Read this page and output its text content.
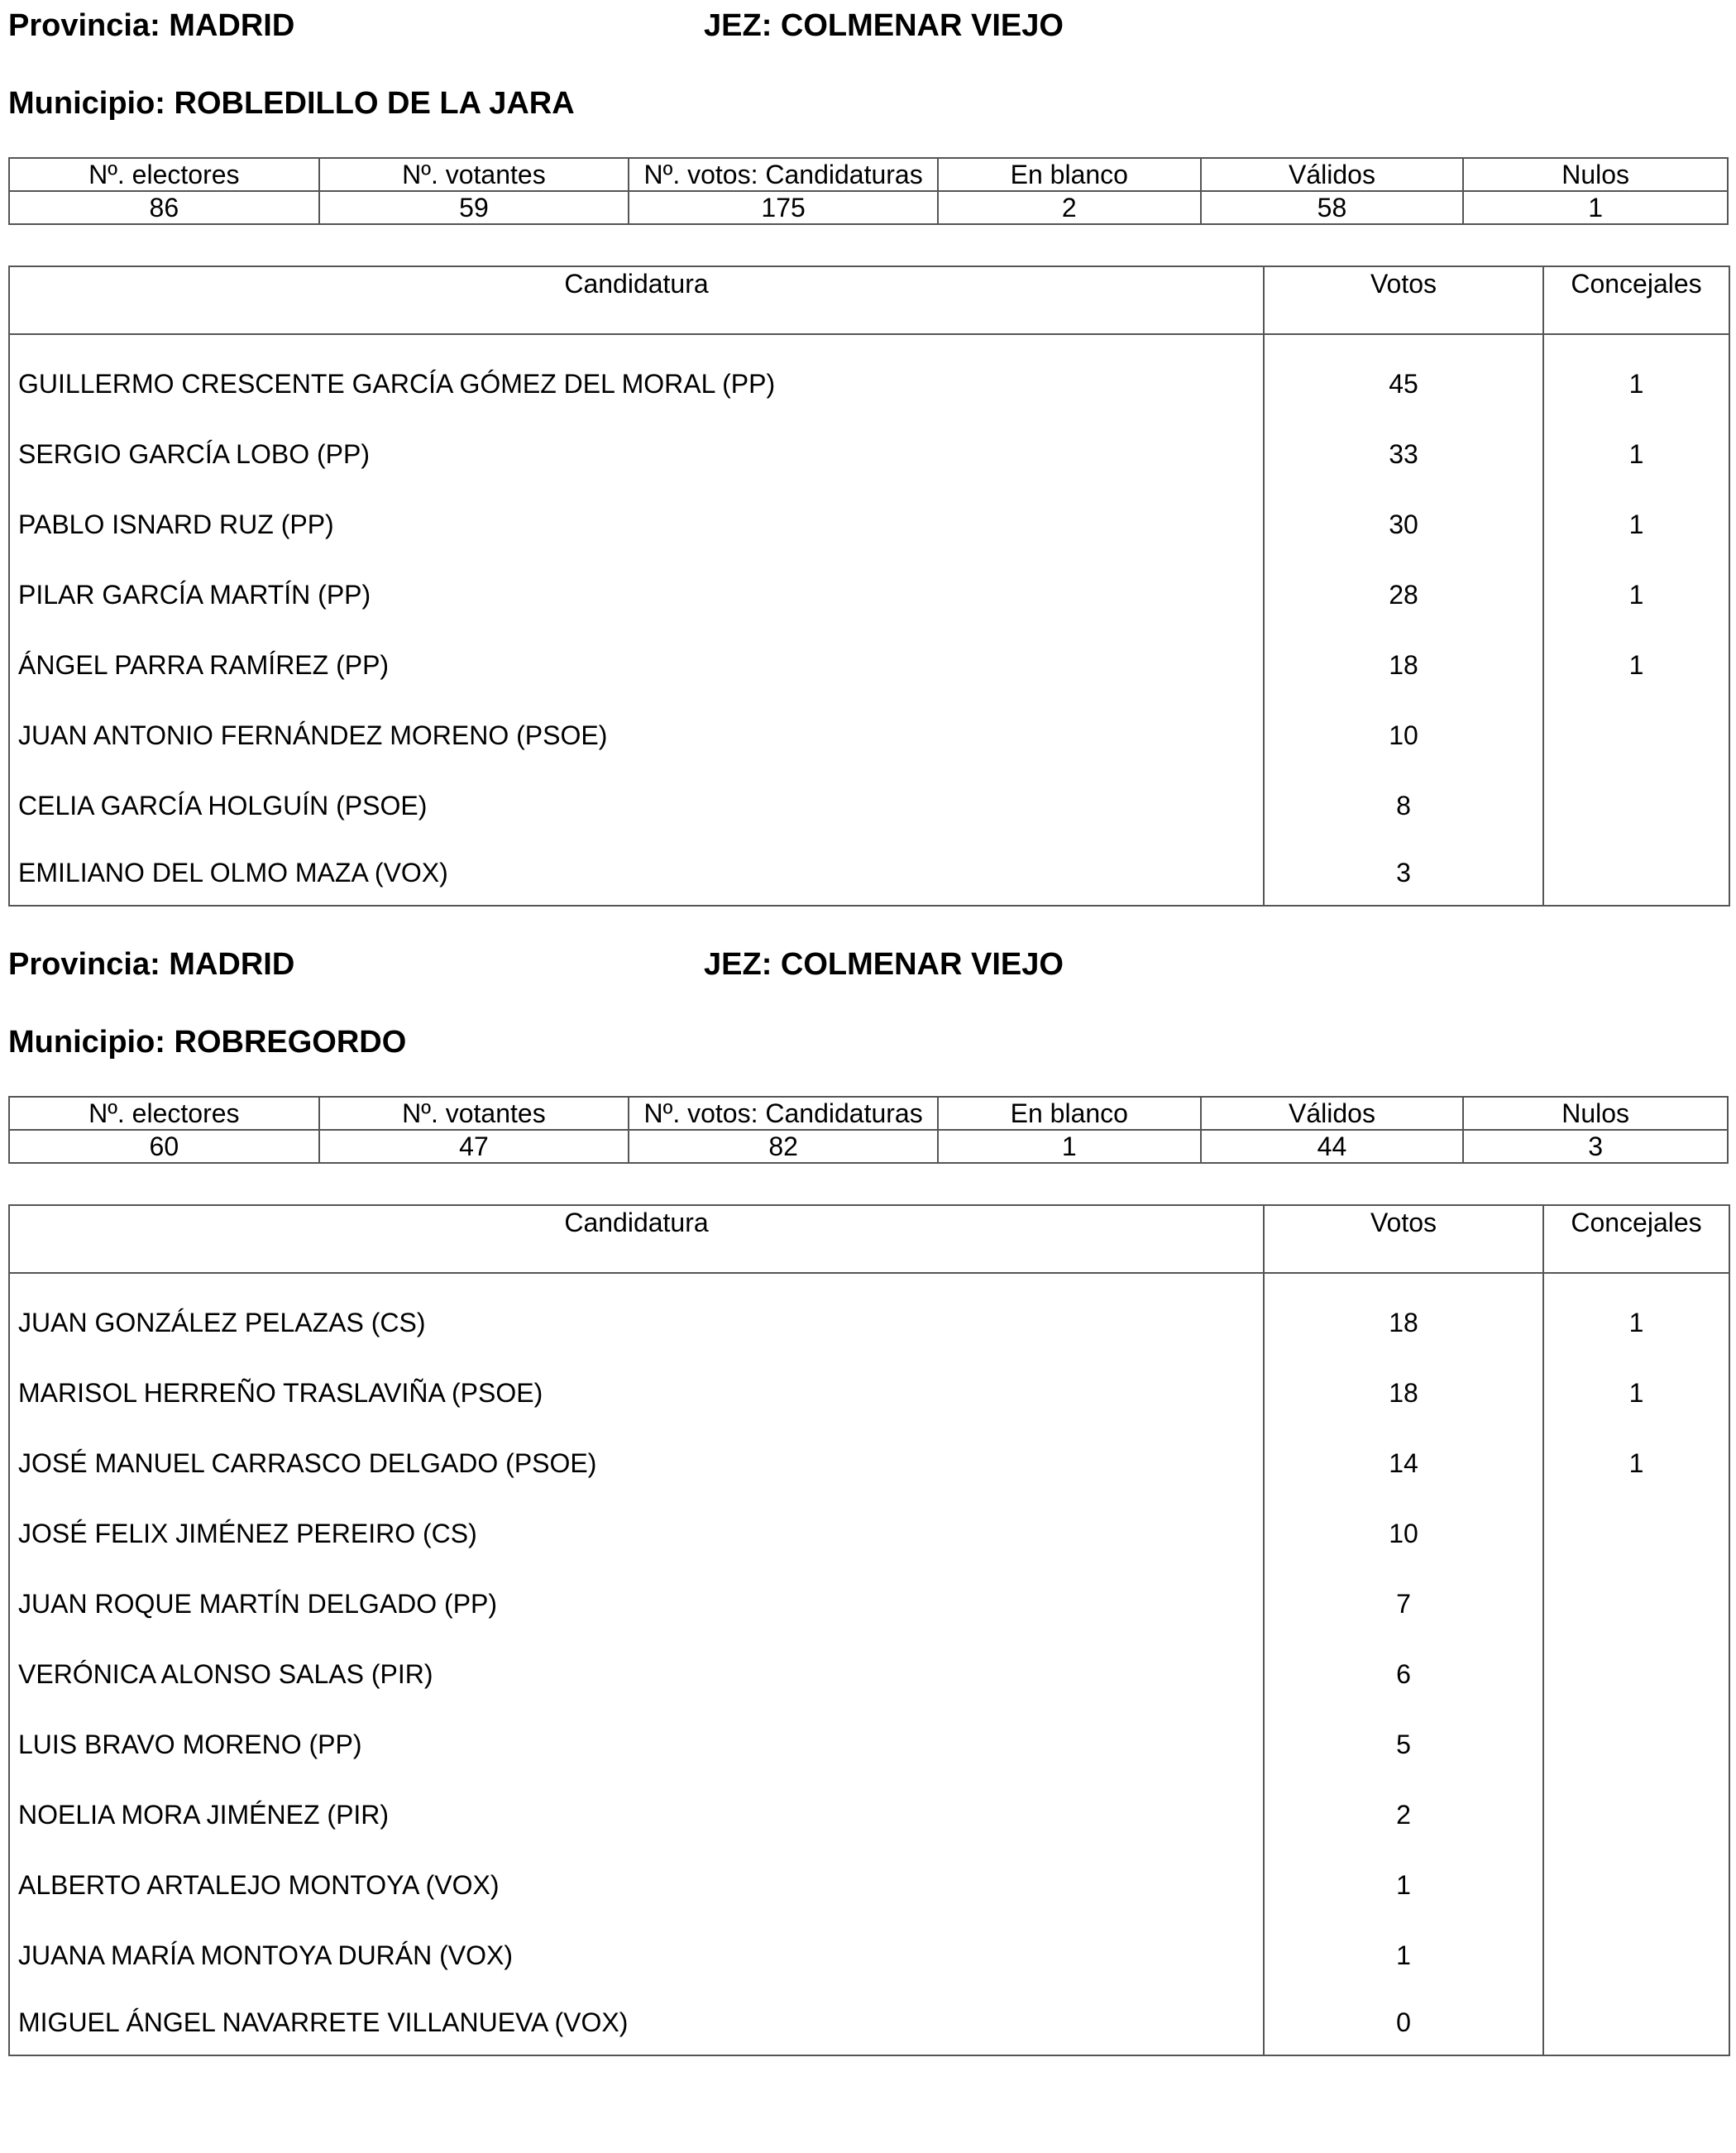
Provincia: MADRID	JEZ: COLMENAR VIEJO
Municipio: ROBLEDILLO DE LA JARA
Nº. electores	Nº. votantes	Nº. votos: Candidaturas	En blanco	Válidos	Nulos
86	59	175	2	58	1
Candidatura	Votos	Concejales
GUILLERMO CRESCENTE GARCÍA GÓMEZ DEL MORAL (PP)	45	1
SERGIO GARCÍA LOBO (PP)	33	1
PABLO ISNARD RUZ (PP)	30	1
PILAR GARCÍA MARTÍN (PP)	28	1
ÁNGEL PARRA RAMÍREZ (PP)	18	1
JUAN ANTONIO FERNÁNDEZ MORENO (PSOE)	10	
CELIA GARCÍA HOLGUÍN (PSOE)	8	
EMILIANO DEL OLMO MAZA (VOX)	3	
Provincia: MADRID	JEZ: COLMENAR VIEJO
Municipio: ROBREGORDO
Nº. electores	Nº. votantes	Nº. votos: Candidaturas	En blanco	Válidos	Nulos
60	47	82	1	44	3
Candidatura	Votos	Concejales
JUAN GONZÁLEZ PELAZAS (CS)	18	1
MARISOL HERREÑO TRASLAVIÑA (PSOE)	18	1
JOSÉ MANUEL CARRASCO DELGADO (PSOE)	14	1
JOSÉ FELIX JIMÉNEZ PEREIRO (CS)	10	
JUAN ROQUE MARTÍN DELGADO (PP)	7	
VERÓNICA ALONSO SALAS (PIR)	6	
LUIS BRAVO MORENO (PP)	5	
NOELIA MORA JIMÉNEZ (PIR)	2	
ALBERTO ARTALEJO MONTOYA (VOX)	1	
JUANA MARÍA MONTOYA DURÁN (VOX)	1	
MIGUEL ÁNGEL NAVARRETE VILLANUEVA (VOX)	0	
